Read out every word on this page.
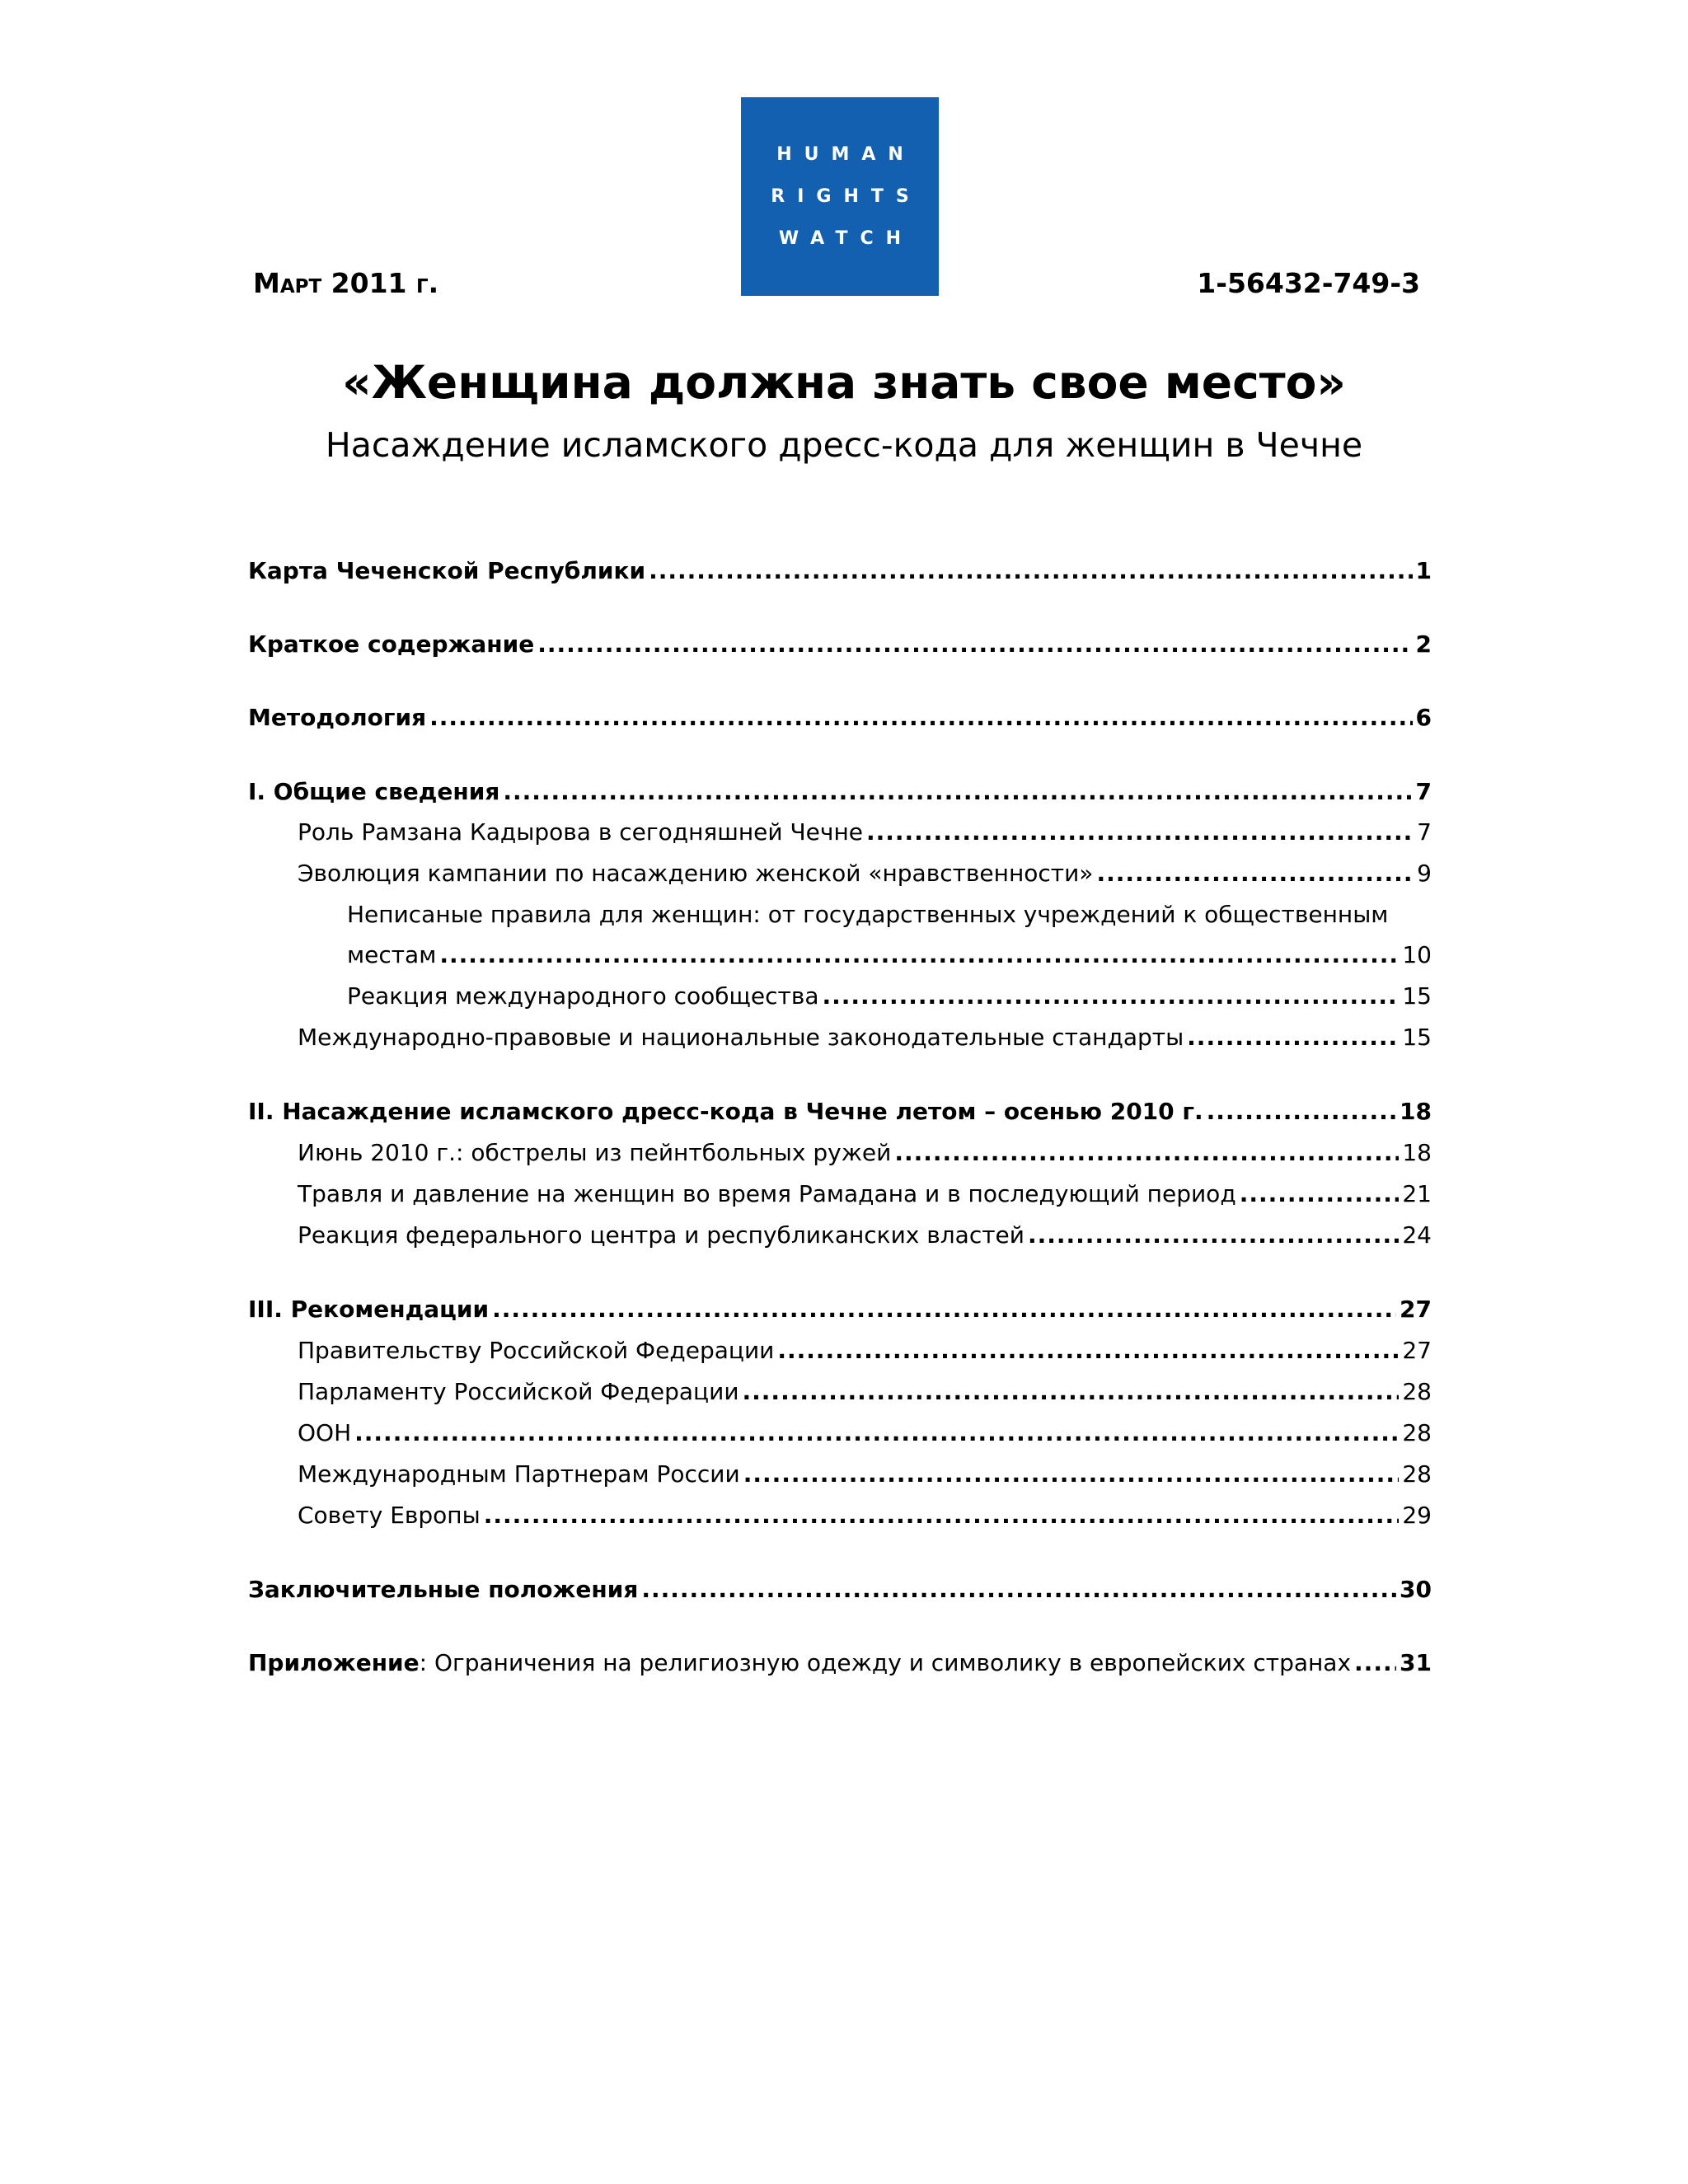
HUMAN
RIGHTS
WATCH
Март 2011 г.	1-56432-749-3
«Женщина должна знать свое место»
Насаждение исламского дресс-кода для женщин в Чечне
Карта Чеченской Республики .....	1
Краткое содержание .....	2
Методология .....	6
I. Общие сведения .....	7
Роль Рамзана Кадырова в сегодняшней Чечне .....	7
Эволюция кампании по насаждению женской «нравственности» .....	9
Неписаные правила для женщин: от государственных учреждений к общественным
местам .....	10
Реакция международного сообщества .....	15
Международно-правовые и национальные законодательные стандарты .....	15
II. Насаждение исламского дресс-кода в Чечне летом – осенью 2010 г. .....	18
Июнь 2010 г.: обстрелы из пейнтбольных ружей .....	18
Травля и давление на женщин во время Рамадана и в последующий период .....	21
Реакция федерального центра и республиканских властей .....	24
III. Рекомендации .....	27
Правительству Российской Федерации .....	27
Парламенту Российской Федерации .....	28
ООН .....	28
Международным Партнерам России .....	28
Совету Европы .....	29
Заключительные положения .....	30
Приложение: Ограничения на религиозную одежду и символику в европейских странах ..... 31
